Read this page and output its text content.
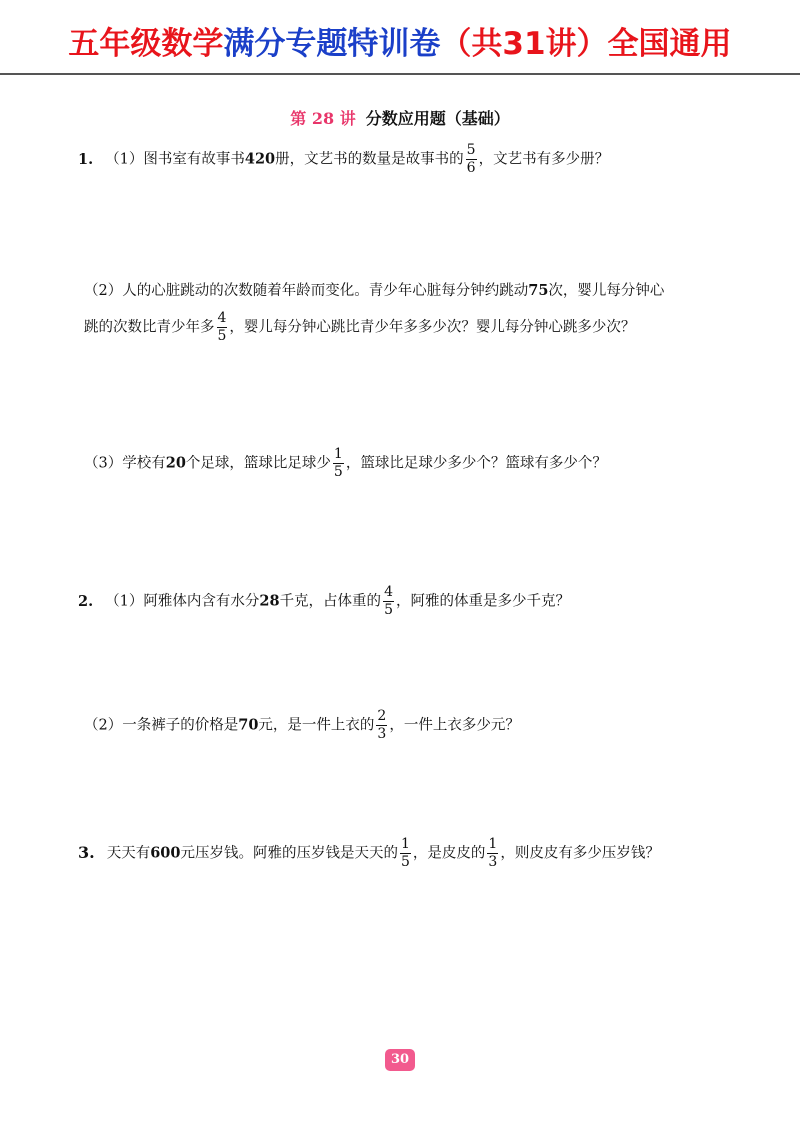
五年级数学满分专题特训卷（共31讲）全国通用
第 28 讲 分数应用题（基础）
1. （1）图书室有故事书420册，文艺书的数量是故事书的 $\frac{5}{6}$ ，文艺书有多少册？
（2）人的心脏跳动的次数随着年龄而变化。青少年心脏每分钟约跳动75次，婴儿每分钟心
跳的次数比青少年多 $\frac{4}{5}$ ，婴儿每分钟心跳比青少年多多少次？婴儿每分钟心跳多少次？
（3）学校有20个足球，篮球比足球少 $\frac{1}{5}$ ，篮球比足球少多少个？篮球有多少个？
2. （1）阿雅体内含有水分28千克，占体重的 $\frac{4}{5}$ ，阿雅的体重是多少千克？
（2）一条裤子的价格是70元，是一件上衣的 $\frac{2}{3}$ ，一件上衣多少元？
3. 天天有600元压岁钱。阿雅的压岁钱是天天的 $\frac{1}{5}$ ，是皮皮的 $\frac{1}{3}$ ，则皮皮有多少压岁钱？
30
